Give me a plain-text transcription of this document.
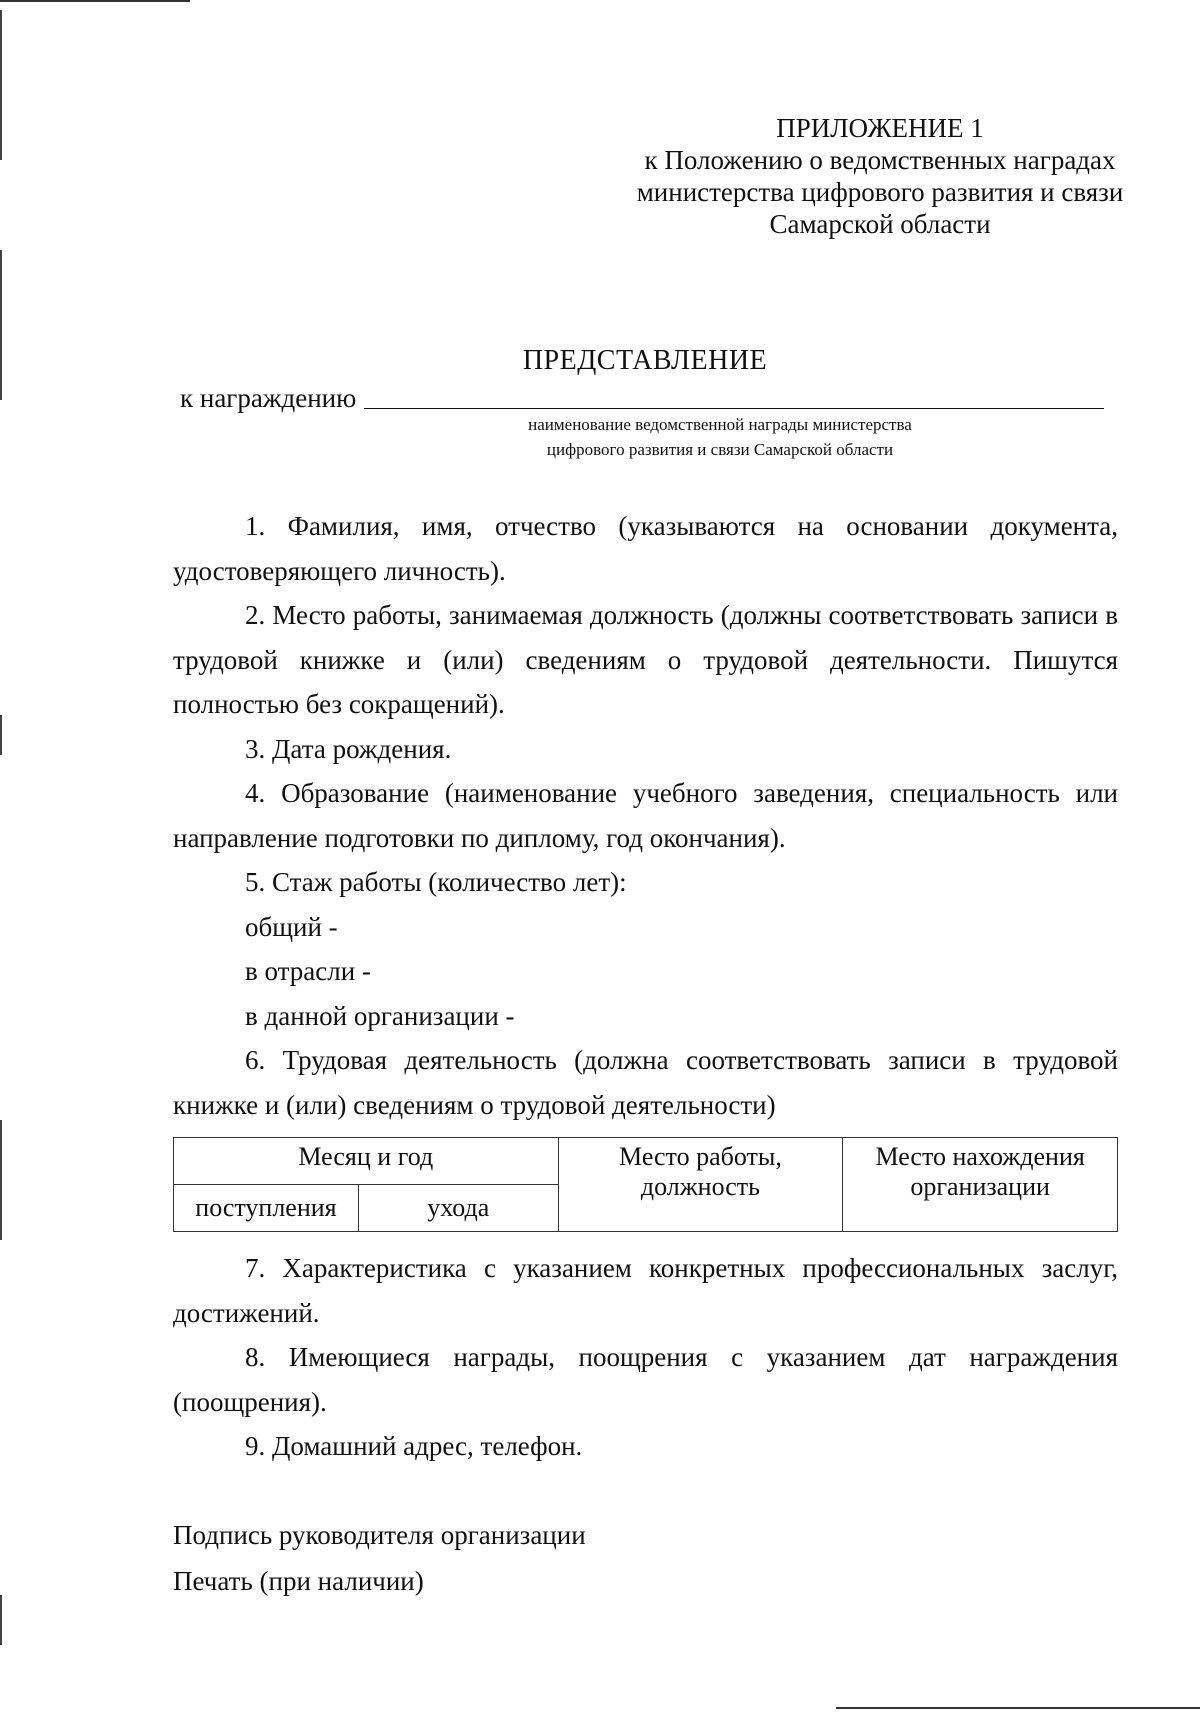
ПРИЛОЖЕНИЕ 1
к Положению о ведомственных наградах
министерства цифрового развития и связи
Самарской области
ПРЕДСТАВЛЕНИЕ
к награждению
наименование ведомственной награды министерства
цифрового развития и связи Самарской области

1. Фамилия, имя, отчество (указываются на основании документа, удостоверяющего личность).

2. Место работы, занимаемая должность (должны соответствовать записи в трудовой книжке и (или) сведениям о трудовой деятельности. Пишутся полностью без сокращений).

3. Дата рождения.

4. Образование (наименование учебного заведения, специальность или направление подготовки по диплому, год окончания).

5. Стаж работы (количество лет):

общий -

в отрасли -

в данной организации -

6. Трудовая деятельность (должна соответствовать записи в трудовой книжке и (или) сведениям о трудовой деятельности)

Месяц и год		Место работы, должность	Место нахождения организации
поступления	ухода		

7. Характеристика с указанием конкретных профессиональных заслуг, достижений.

8. Имеющиеся награды, поощрения с указанием дат награждения (поощрения).

9. Домашний адрес, телефон.

Подпись руководителя организации
Печать (при наличии)
